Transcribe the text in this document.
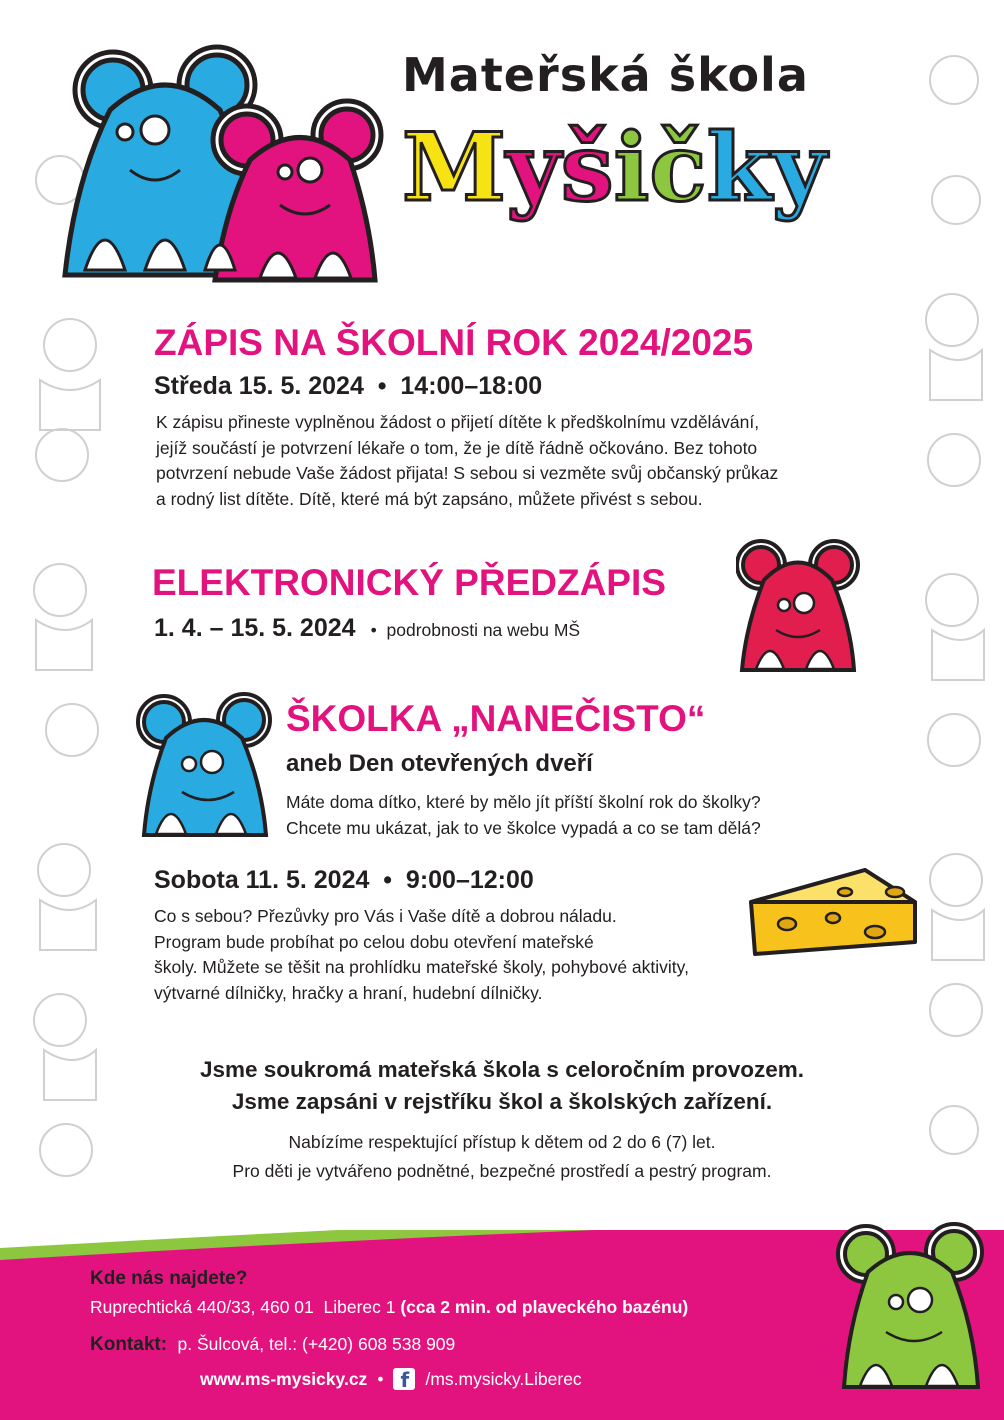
Mateřská škola
Myšičky
ZÁPIS NA ŠKOLNÍ ROK 2024/2025
Středa 15. 5. 2024  •  14:00–18:00
K zápisu přineste vyplněnou žádost o přijetí dítěte k předškolnímu vzdělávání,
jejíž součástí je potvrzení lékaře o tom, že je dítě řádně očkováno. Bez tohoto
potvrzení nebude Vaše žádost přijata! S sebou si vezměte svůj občanský průkaz
a rodný list dítěte. Dítě, které má být zapsáno, můžete přivést s sebou.
ELEKTRONICKÝ PŘEDZÁPIS
1. 4. – 15. 5. 2024 •  podrobnosti na webu MŠ
ŠKOLKA „NANEČISTO“
aneb Den otevřených dveří
Máte doma dítko, které by mělo jít příští školní rok do školky?
Chcete mu ukázat, jak to ve školce vypadá a co se tam dělá?
Sobota 11. 5. 2024  •  9:00–12:00
Co s sebou? Přezůvky pro Vás i Vaše dítě a dobrou náladu.
Program bude probíhat po celou dobu otevření mateřské
školy. Můžete se těšit na prohlídku mateřské školy, pohybové aktivity,
výtvarné dílničky, hračky a hraní, hudební dílničky.
Jsme soukromá mateřská škola s celoročním provozem.
Jsme zapsáni v rejstříku škol a školských zařízení.
Nabízíme respektující přístup k dětem od 2 do 6 (7) let.
Pro děti je vytvářeno podnětné, bezpečné prostředí a pestrý program.
Kde nás najdete?
Ruprechtická 440/33, 460 01  Liberec 1 (cca 2 min. od plaveckého bazénu)
Kontakt: p. Šulcová, tel.: (+420) 608 538 909
www.ms-mysicky.cz • f /ms.mysicky.Liberec
